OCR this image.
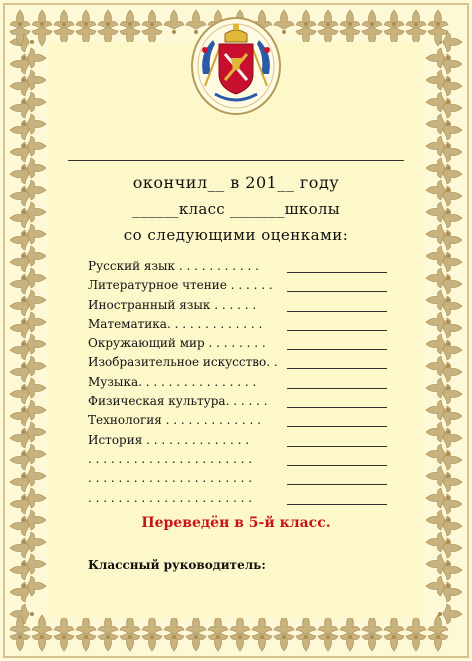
окончил__ в 201__ году
______класс _______школы
со следующими оценками:
Русский язык . . . . . . . . . . .
Литературное чтение . . . . . .
Иностранный язык . . . . . .
Математика. . . . . . . . . . . . .
Окружающий мир . . . . . . . .
Изобразительное искусство. .
Музыка. . . . . . . . . . . . . . . .
Физическая культура. . . . . .
Технология . . . . . . . . . . . . .
История . . . . . . . . . . . . . .
. . . . . . . . . . . . . . . . . . . . . .
. . . . . . . . . . . . . . . . . . . . . .
. . . . . . . . . . . . . . . . . . . . . .
Переведён в 5-й класс.
Классный руководитель:
